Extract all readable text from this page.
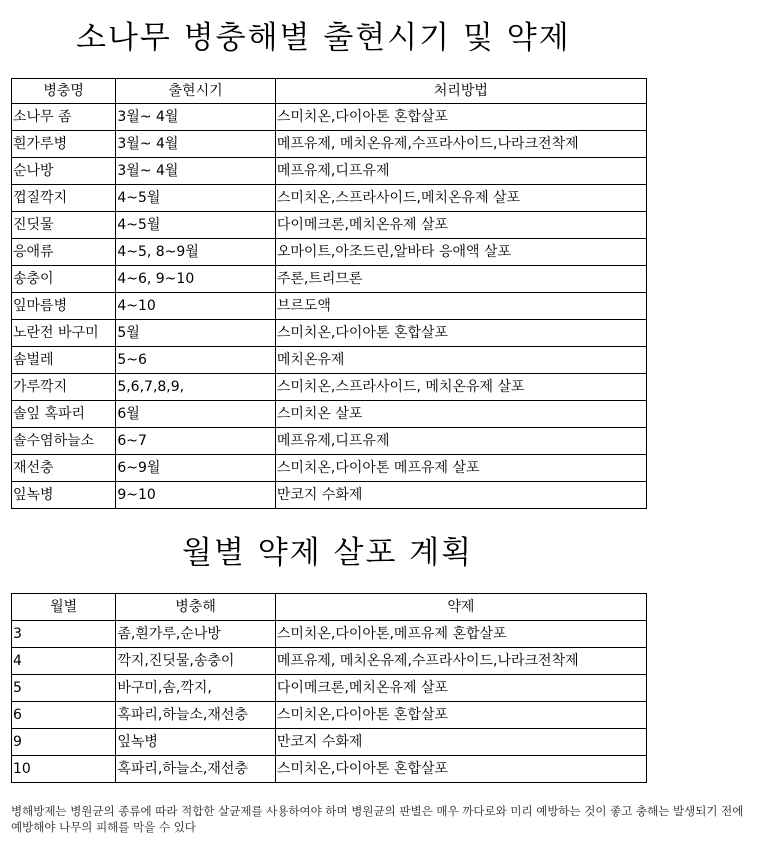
소나무 병충해별 출현시기 및 약제
병충명	출현시기	처리방법
소나무 좀	3월~ 4월	스미치온,다이아톤 혼합살포
흰가루병	3월~ 4월	메프유제, 메치온유제,수프라사이드,나라크전착제
순나방	3월~ 4월	메프유제,디프유제
껍질깍지	4~5월	스미치온,스프라사이드,메치온유제 살포
진딧물	4~5월	다이메크론,메치온유제 살포
응애류	4~5, 8~9월	오마이트,아조드린,알바타 응애액 살포
송충이	4~6, 9~10	주론,트리므론
잎마름병	4~10	브르도액
노란전 바구미	5월	스미치온,다이아톤 혼합살포
솜벌레	5~6	메치온유제
가루깍지	5,6,7,8,9,	스미치온,스프라사이드, 메치온유제 살포
솔잎 혹파리	6월	스미치온 살포
솔수염하늘소	6~7	메프유제,디프유제
재선충	6~9월	스미치온,다이아톤 메프유제 살포
잎녹병	9~10	만코지 수화제
월별 약제 살포 계획
월별	병충해	약제
3	좀,흰가루,순나방	스미치온,다이아톤,메프유제 혼합살포
4	깍지,진딧물,송충이	메프유제, 메치온유제,수프라사이드,나라크전착제
5	바구미,솜,깍지,	다이메크론,메치온유제 살포
6	혹파리,하늘소,재선충	스미치온,다이아톤 혼합살포
9	잎녹병	만코지 수화제
10	혹파리,하늘소,재선충	스미치온,다이아톤 혼합살포
병해방제는 병원균의 종류에 따라 적합한 살균제를 사용하여야 하며 병원균의 판별은 매우 까다로와 미리 예방하는 것이 좋고 충해는 발생되기 전에 예방해야 나무의 피해를 막을 수 있다
